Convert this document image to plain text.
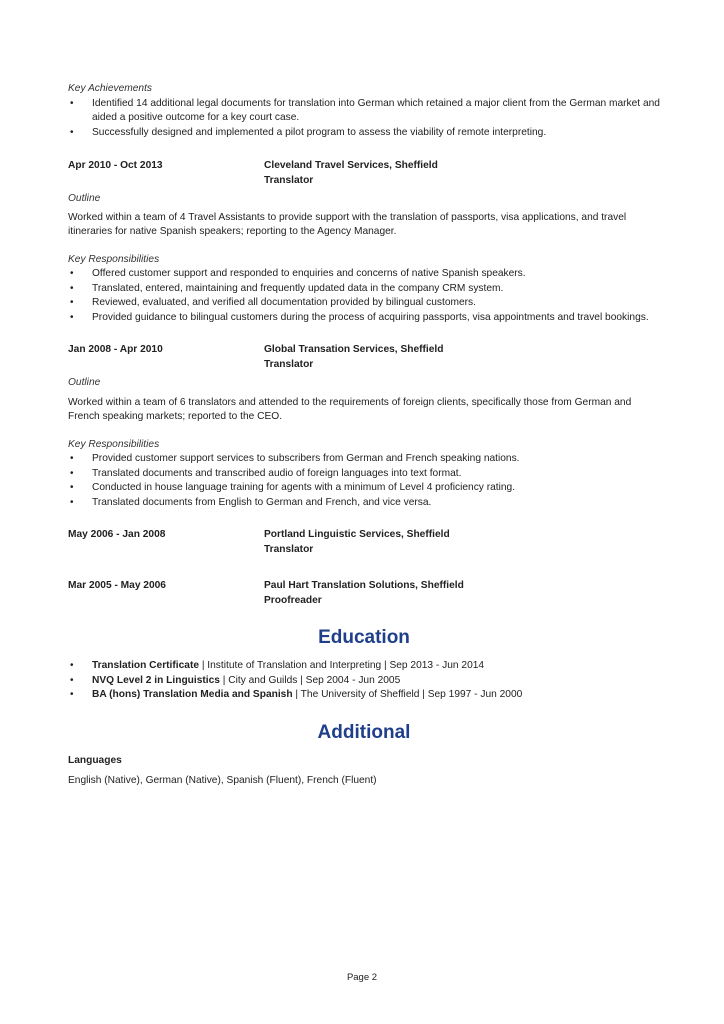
Key Achievements
• Identified 14 additional legal documents for translation into German which retained a major client from the German market and aided a positive outcome for a key court case.
• Successfully designed and implemented a pilot program to assess the viability of remote interpreting.
Apr 2010 - Oct 2013	Cleveland Travel Services, Sheffield
Translator
Outline

Worked within a team of 4 Travel Assistants to provide support with the translation of passports, visa applications, and travel itineraries for native Spanish speakers; reporting to the Agency Manager.

Key Responsibilities
• Offered customer support and responded to enquiries and concerns of native Spanish speakers.
• Translated, entered, maintaining and frequently updated data in the company CRM system.
• Reviewed, evaluated, and verified all documentation provided by bilingual customers.
• Provided guidance to bilingual customers during the process of acquiring passports, visa appointments and travel bookings.
Jan 2008 - Apr 2010	Global Transation Services, Sheffield
Translator
Outline

Worked within a team of 6 translators and attended to the requirements of foreign clients, specifically those from German and French speaking markets; reported to the CEO.

Key Responsibilities
• Provided customer support services to subscribers from German and French speaking nations.
• Translated documents and transcribed audio of foreign languages into text format.
• Conducted in house language training for agents with a minimum of Level 4 proficiency rating.
• Translated documents from English to German and French, and vice versa.
May 2006 - Jan 2008	Portland Linguistic Services, Sheffield
Translator
Mar 2005 - May 2006	Paul Hart Translation Solutions, Sheffield
Proofreader
Education
• Translation Certificate | Institute of Translation and Interpreting | Sep 2013 - Jun 2014
• NVQ Level 2 in Linguistics | City and Guilds | Sep 2004 - Jun 2005
• BA (hons) Translation Media and Spanish | The University of Sheffield | Sep 1997 - Jun 2000
Additional
Languages

English (Native), German (Native), Spanish (Fluent), French (Fluent)

Page 2
